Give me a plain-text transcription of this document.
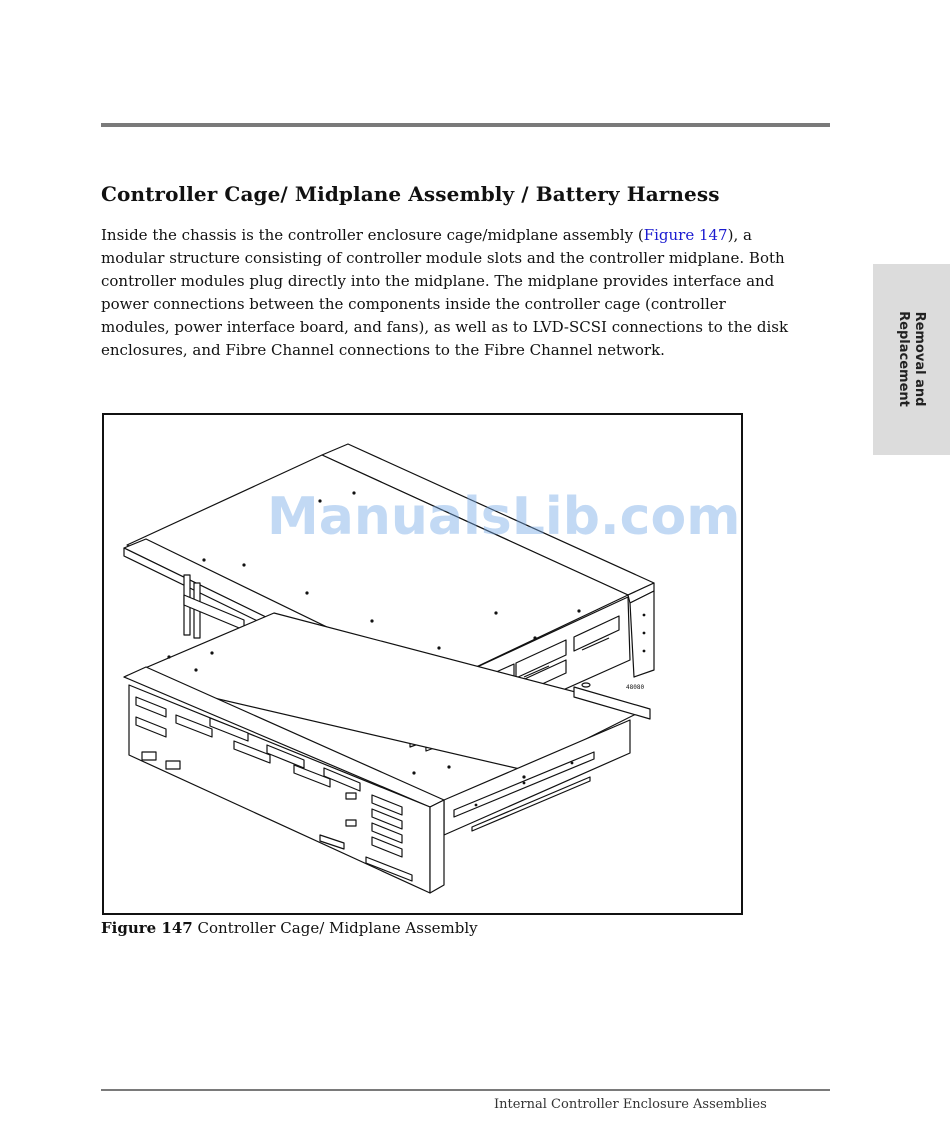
Controller Cage/ Midplane Assembly / Battery Harness

Inside the chassis is the controller enclosure cage/midplane assembly (Figure 147), a
modular structure consisting of controller module slots and the controller midplane. Both
controller modules plug directly into the midplane. The midplane provides interface and
power connections between the components inside the controller cage (controller
modules, power interface board, and fans), as well as to LVD-SCSI connections to the disk
enclosures, and Fibre Channel connections to the Fibre Channel network.	Removal and
Replacement
48080
ManualsLib.com
Figure 147 Controller Cage/ Midplane Assembly
Internal Controller Enclosure Assemblies
